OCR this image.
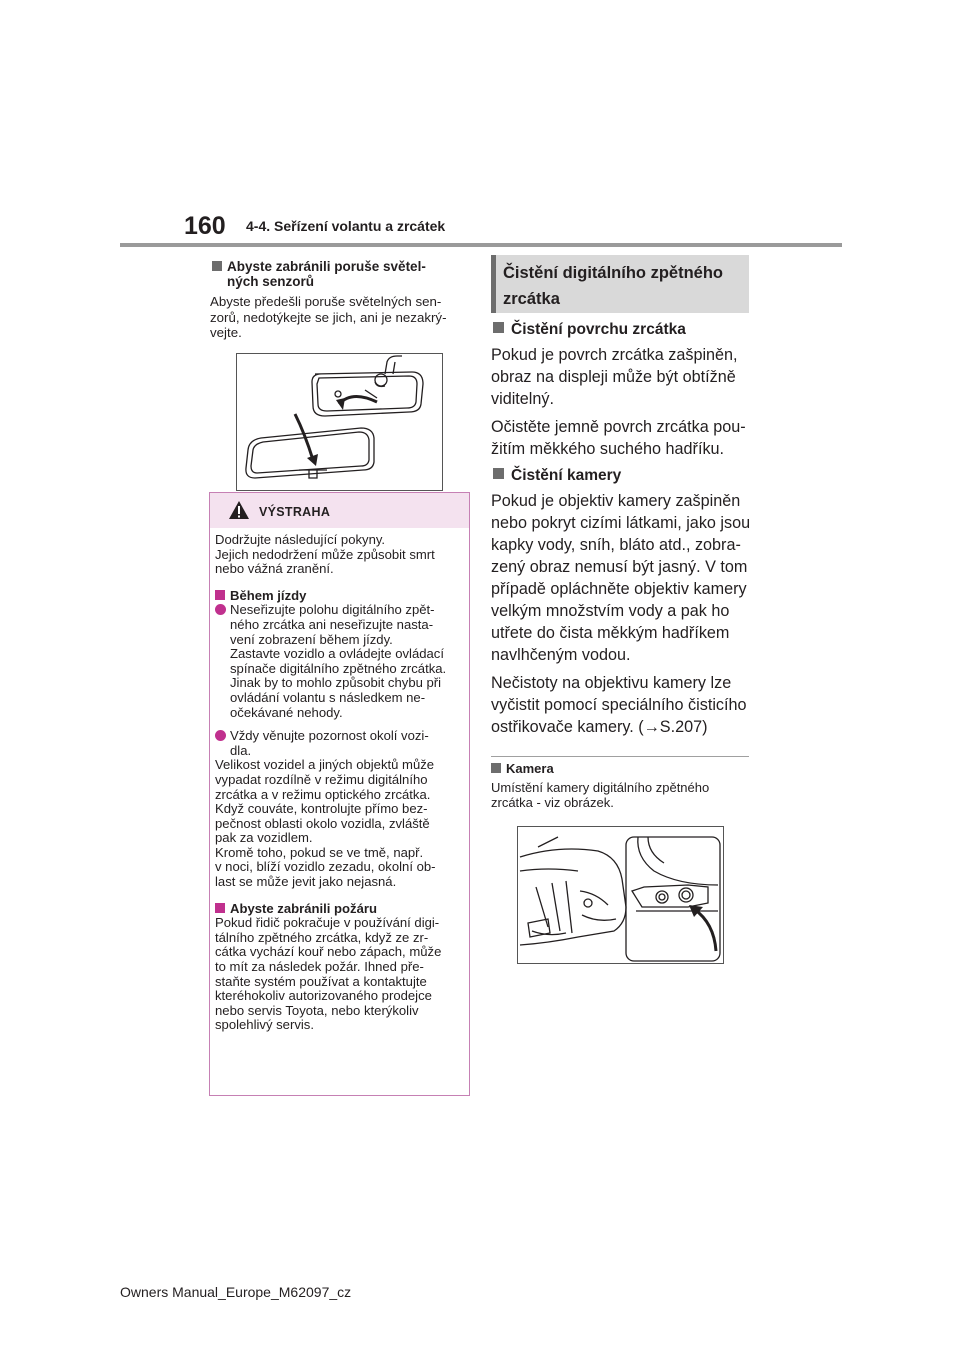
160 4-4. Seřízení volantu a zrcátek
Abyste zabránili poruše světel-
ných senzorů
Abyste předešli poruše světelných sen-
zorů, nedotýkejte se jich, ani je nezakrý-
vejte.
VÝSTRAHA

Dodržujte následující pokyny.

Jejich nedodržení může způsobit smrt

nebo vážná zranění.

Během jízdy

Neseřizujte polohu digitálního zpět-
ného zrcátka ani neseřizujte nasta-
vení zobrazení během jízdy.
Zastavte vozidlo a ovládejte ovládací
spínače digitálního zpětného zrcátka.
Jinak by to mohlo způsobit chybu při
ovládání volantu s následkem ne-
očekávané nehody.
Vždy věnujte pozornost okolí vozi-
dla.

Velikost vozidel a jiných objektů může

vypadat rozdílně v režimu digitálního

zrcátka a v režimu optického zrcátka.

Když couváte, kontrolujte přímo bez-

pečnost oblasti okolo vozidla, zvláště

pak za vozidlem.

Kromě toho, pokud se ve tmě, např.

v noci, blíží vozidlo zezadu, okolní ob-

last se může jevit jako nejasná.

Abyste zabránili požáru

Pokud řidič pokračuje v používání digi-

tálního zpětného zrcátka, když ze zr-

cátka vychází kouř nebo zápach, může

to mít za následek požár. Ihned pře-

staňte systém používat a kontaktujte

kteréhokoliv autorizovaného prodejce

nebo servis Toyota, nebo kterýkoliv

spolehlivý servis.

Čistění digitálního zpětného
zrcátka
Čistění povrchu zrcátka
Pokud je povrch zrcátka zašpiněn,
obraz na displeji může být obtížně
viditelný.
Očistěte jemně povrch zrcátka pou-
žitím měkkého suchého hadříku.
Čistění kamery
Pokud je objektiv kamery zašpiněn
nebo pokryt cizími látkami, jako jsou
kapky vody, sníh, bláto atd., zobra-
zený obraz nemusí být jasný. V tom
případě opláchněte objektiv kamery
velkým množstvím vody a pak ho
utřete do čista měkkým hadříkem
navlhčeným vodou.
Nečistoty na objektivu kamery lze
vyčistit pomocí speciálního čisticího
ostřikovače kamery. (→S.207)
Kamera
Umístění kamery digitálního zpětného
zrcátka - viz obrázek.
Owners Manual_Europe_M62097_cz
